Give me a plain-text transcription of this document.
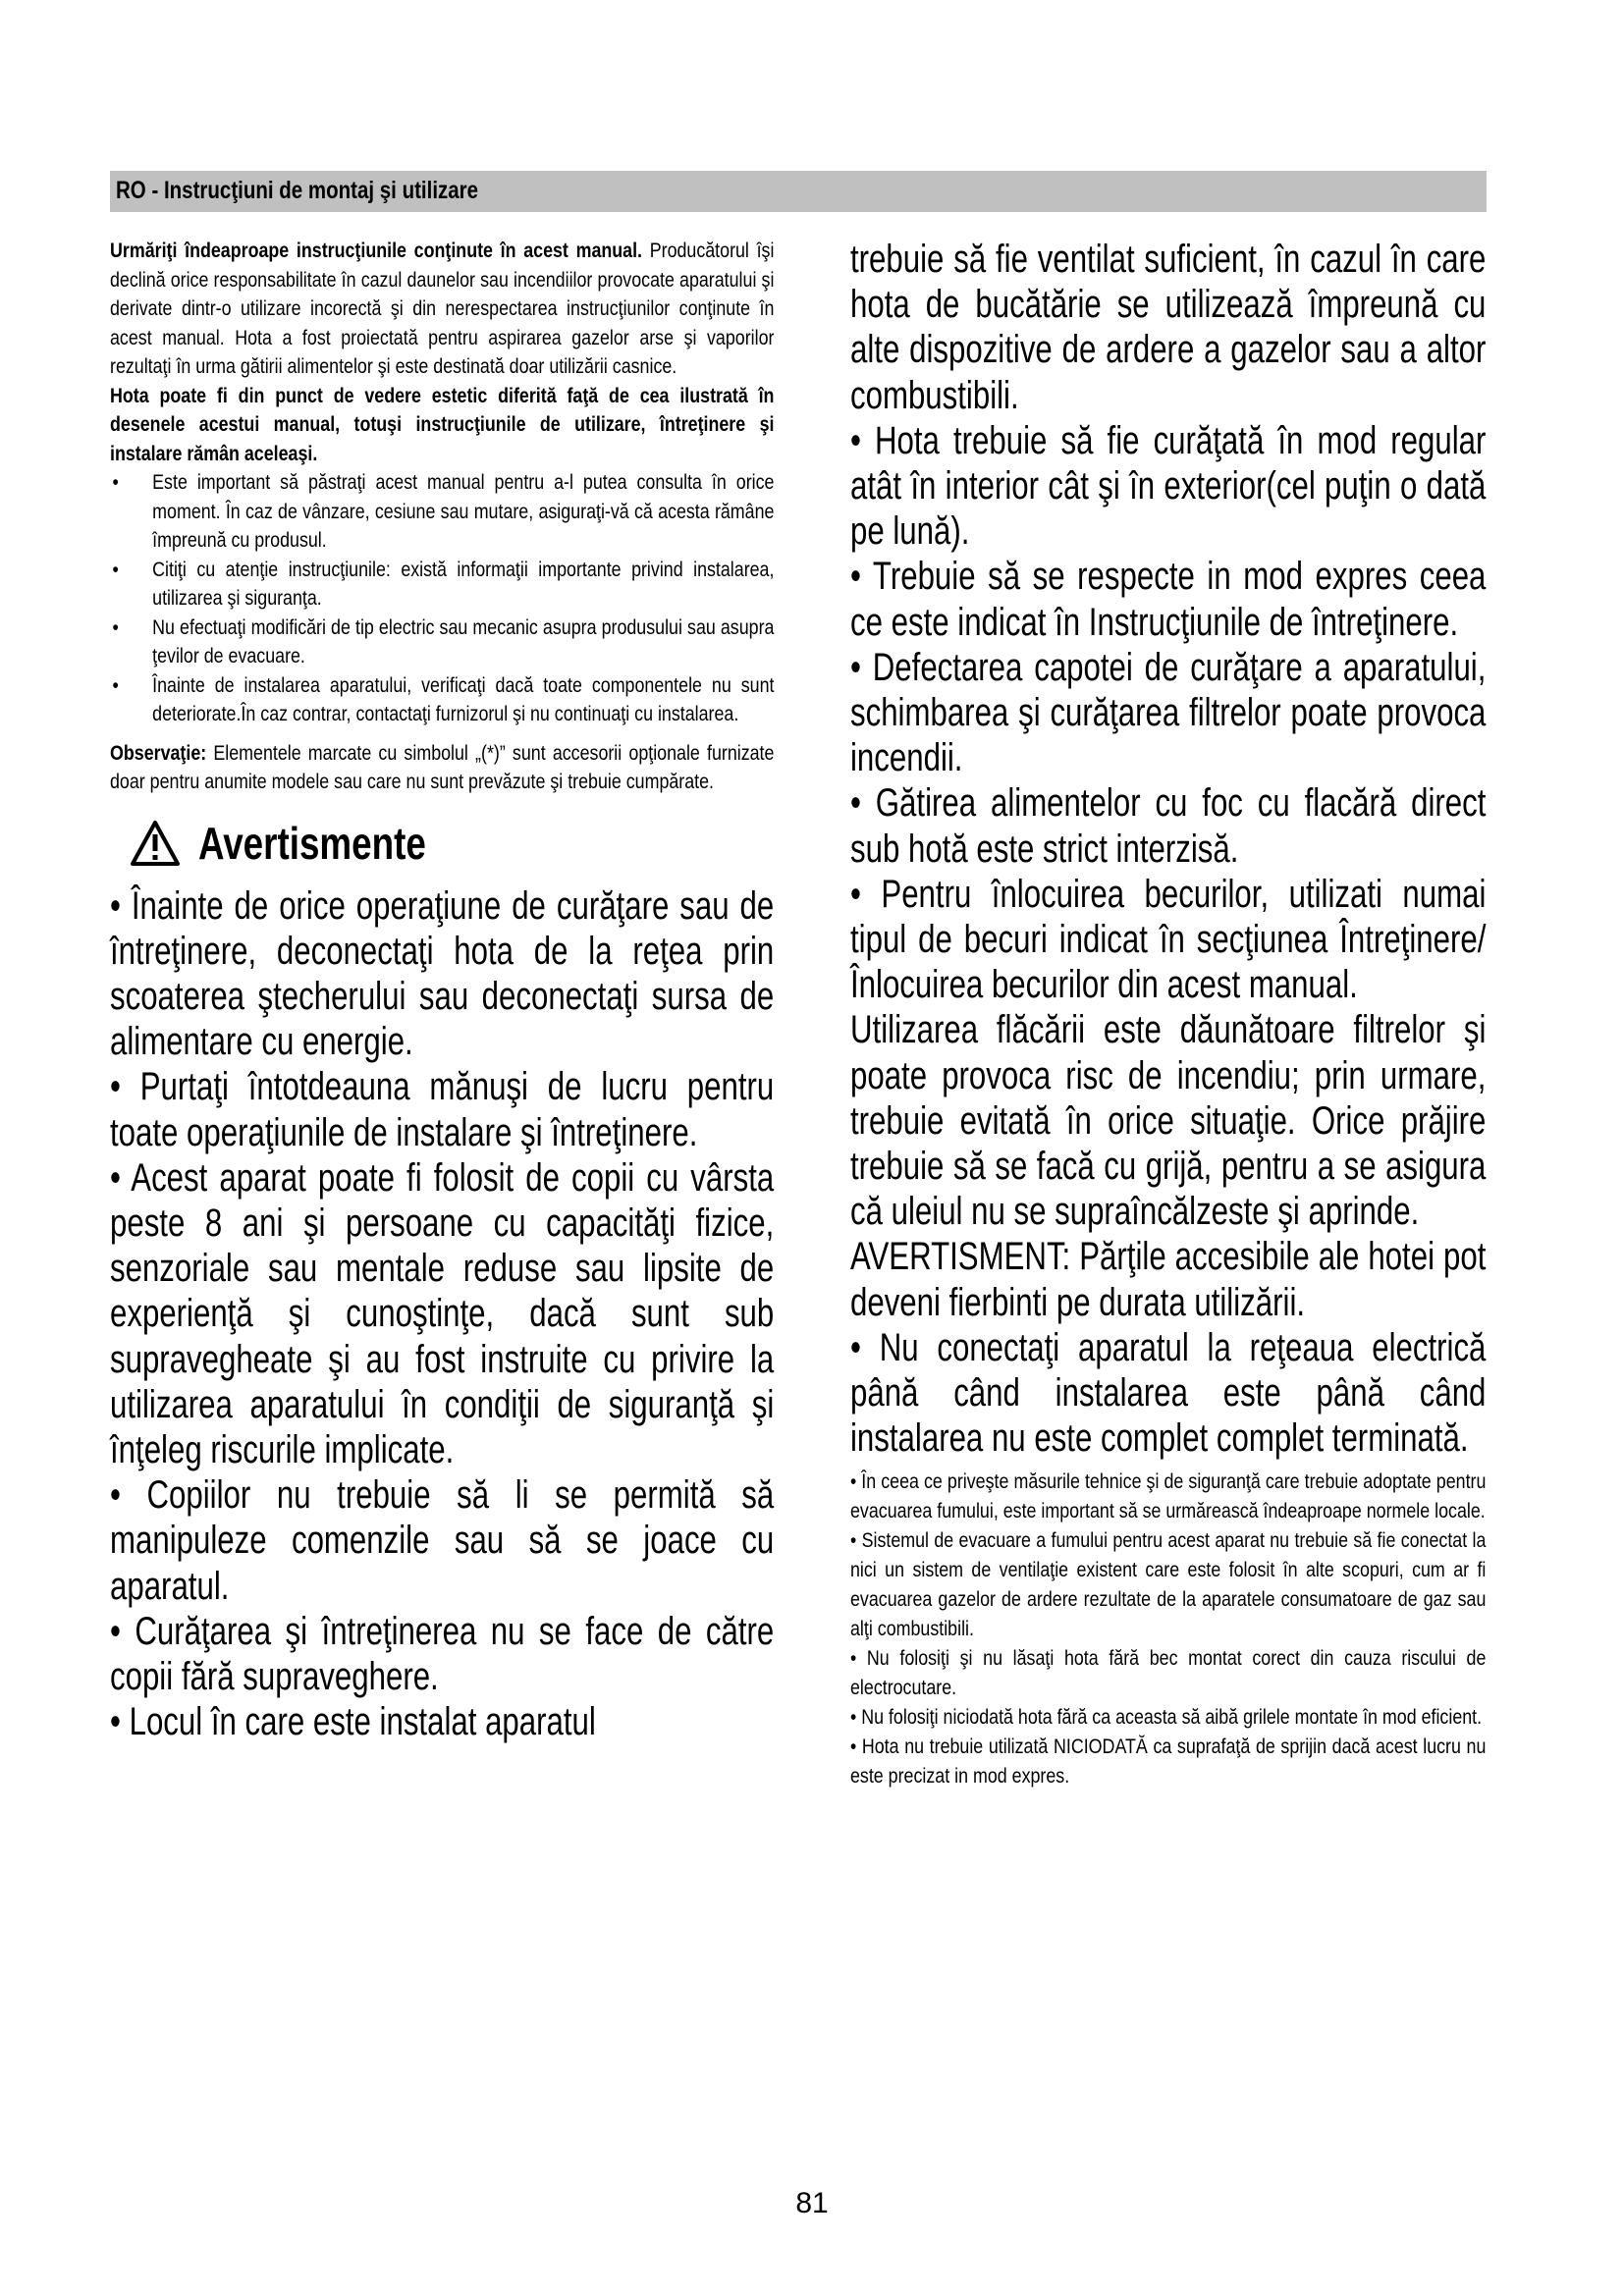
RO - Instrucţiuni de montaj şi utilizare

Urmăriţi îndeaproape instrucţiunile conţinute în acest manual. Producătorul îşi declină orice responsabilitate în cazul daunelor sau incendiilor provocate aparatului şi derivate dintr-o utilizare incorectă şi din nerespectarea instrucţiunilor conţinute în acest manual. Hota a fost proiectată pentru aspirarea gazelor arse şi vaporilor rezultaţi în urma gătirii alimentelor şi este destinată doar utilizării casnice.

Hota poate fi din punct de vedere estetic diferită faţă de cea ilustrată în desenele acestui manual, totuşi instrucţiunile de utilizare, întreţinere şi instalare rămân aceleaşi.

• Este important să păstraţi acest manual pentru a-l putea consulta în orice moment. În caz de vânzare, cesiune sau mutare, asiguraţi-vă că acesta rămâne împreună cu produsul.
• Citiţi cu atenţie instrucţiunile: există informaţii importante privind instalarea, utilizarea şi siguranţa.
• Nu efectuaţi modificări de tip electric sau mecanic asupra produsului sau asupra ţevilor de evacuare.
• Înainte de instalarea aparatului, verificaţi dacă toate componentele nu sunt deteriorate.În caz contrar, contactaţi furnizorul şi nu continuaţi cu instalarea.

Observaţie: Elementele marcate cu simbolul „(*)” sunt accesorii opţionale furnizate doar pentru anumite modele sau care nu sunt prevăzute şi trebuie cumpărate.

Avertismente

• Înainte de orice operaţiune de curăţare sau de întreţinere, deconectaţi hota de la reţea prin scoaterea ştecherului sau deconectaţi sursa de alimentare cu energie.

• Purtaţi întotdeauna mănuşi de lucru pentru toate operaţiunile de instalare şi întreţinere.

• Acest aparat poate fi folosit de copii cu vârsta peste 8 ani şi persoane cu capacităţi fizice, senzoriale sau mentale reduse sau lipsite de experienţă şi cunoştinţe, dacă sunt sub supravegheate şi au fost instruite cu privire la utilizarea aparatului în condiţii de siguranţă şi înţeleg riscurile implicate.

• Copiilor nu trebuie să li se permită să manipuleze comenzile sau să se joace cu aparatul.

• Curăţarea şi întreţinerea nu se face de către copii fără supraveghere.

• Locul în care este instalat aparatul

trebuie să fie ventilat suficient, în cazul în care hota de bucătărie se utilizează împreună cu alte dispozitive de ardere a gazelor sau a altor combustibili.

• Hota trebuie să fie curăţată în mod regular atât în interior cât şi în exterior(cel puţin o dată pe lună).

• Trebuie să se respecte in mod expres ceea ce este indicat în Instrucţiunile de întreţinere.

• Defectarea capotei de curăţare a aparatului, schimbarea şi curăţarea filtrelor poate provoca incendii.

• Gătirea alimentelor cu foc cu flacără direct sub hotă este strict interzisă.

• Pentru înlocuirea becurilor, utilizati numai tipul de becuri indicat în secţiunea Întreţinere/Înlocuirea becurilor din acest manual.

Utilizarea flăcării este dăunătoare filtrelor şi poate provoca risc de incendiu; prin urmare, trebuie evitată în orice situaţie. Orice prăjire trebuie să se facă cu grijă, pentru a se asigura că uleiul nu se supraîncălzeste şi aprinde.

AVERTISMENT: Părţile accesibile ale hotei pot deveni fierbinti pe durata utilizării.

• Nu conectaţi aparatul la reţeaua electrică până când instalarea este până când instalarea nu este complet complet terminată.

• În ceea ce priveşte măsurile tehnice şi de siguranţă care trebuie adoptate pentru evacuarea fumului, este important să se urmărească îndeaproape normele locale.

• Sistemul de evacuare a fumului pentru acest aparat nu trebuie să fie conectat la nici un sistem de ventilaţie existent care este folosit în alte scopuri, cum ar fi evacuarea gazelor de ardere rezultate de la aparatele consumatoare de gaz sau alţi combustibili.

• Nu folosiţi şi nu lăsaţi hota fără bec montat corect din cauza riscului de electrocutare.

• Nu folosiţi niciodată hota fără ca aceasta să aibă grilele montate în mod eficient.

• Hota nu trebuie utilizată NICIODATĂ ca suprafaţă de sprijin dacă acest lucru nu este precizat in mod expres.

81
